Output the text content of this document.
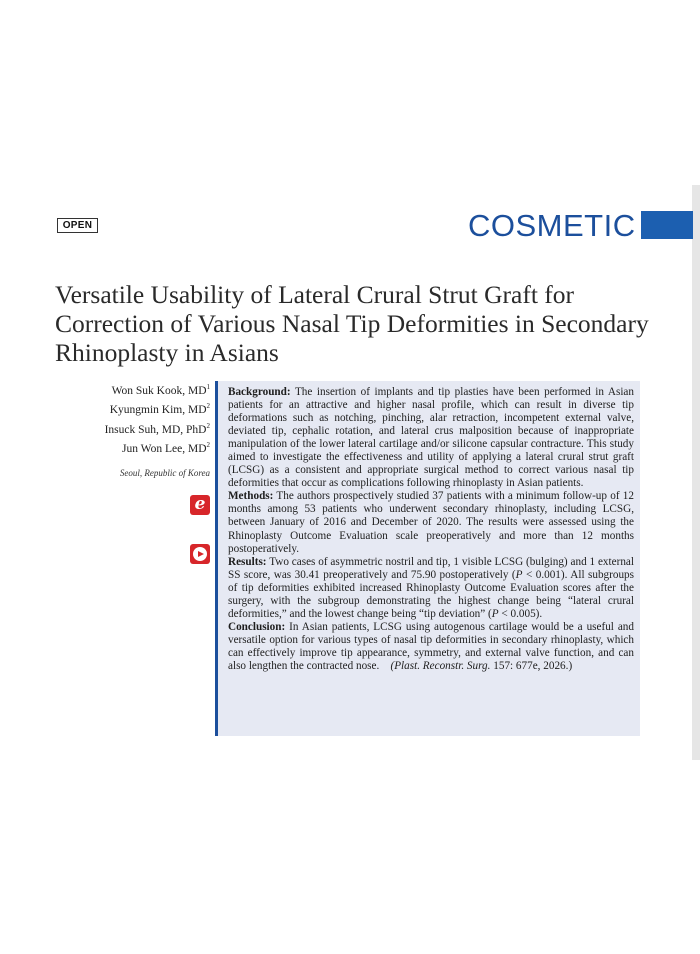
OPEN	COSMETIC
Versatile Usability of Lateral Crural Strut Graft for Correction of Various Nasal Tip Deformities in Secondary Rhinoplasty in Asians
Won Suk Kook, $MD^1$
Kyungmin Kim, $MD^2$
Insuck Suh, MD, PhD$^2$
Jun Won Lee, $MD^2$
Seoul, Republic of Korea
e

Background: The insertion of implants and tip plasties have been performed in Asian patients for an attractive and higher nasal profile, which can result in diverse tip deformations such as notching, pinching, alar retraction, incompetent external valve, deviated tip, cephalic rotation, and lateral crus malposition because of inappropriate manipulation of the lower lateral cartilage and/or silicone capsular contracture. This study aimed to investigate the effectiveness and utility of applying a lateral crural strut graft (LCSG) as a consistent and appropriate surgical method to correct various nasal tip deformities that occur as complications following rhinoplasty in Asian patients.

Methods: The authors prospectively studied 37 patients with a minimum follow-up of 12 months among 53 patients who underwent secondary rhinoplasty, including LCSG, between January of 2016 and December of 2020. The results were assessed using the Rhinoplasty Outcome Evaluation scale preoperatively and more than 12 months postoperatively.

Results: Two cases of asymmetric nostril and tip, 1 visible LCSG (bulging) and 1 external SS score, was 30.41 preoperatively and 75.90 postoperatively (P < 0.001). All subgroups of tip deformities exhibited increased Rhinoplasty Outcome Evaluation scores after the surgery, with the subgroup demonstrating the highest change being “lateral crural deformities,” and the lowest change being “tip deviation” (P < 0.005).

Conclusion: In Asian patients, LCSG using autogenous cartilage would be a useful and versatile option for various types of nasal tip deformities in secondary rhinoplasty, which can effectively improve tip appearance, symmetry, and external valve function, and can also lengthen the contracted nose. (Plast. Reconstr. Surg. 157: 677e, 2026.)
